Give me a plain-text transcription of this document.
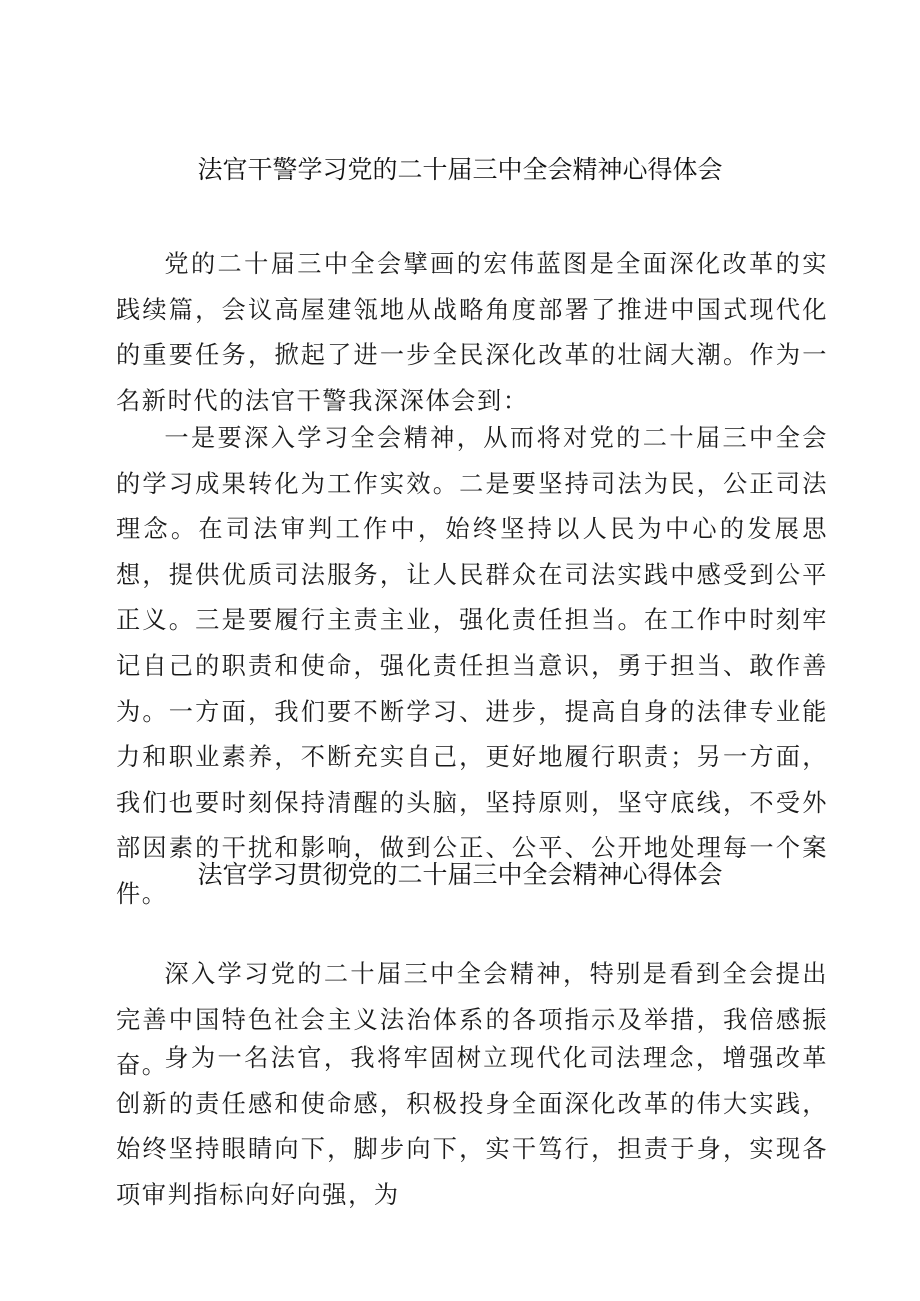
法官干警学习党的二十届三中全会精神心得体会

党的二十届三中全会擘画的宏伟蓝图是全面深化改革的实践续篇，会议高屋建瓴地从战略角度部署了推进中国式现代化的重要任务，掀起了进一步全民深化改革的壮阔大潮。作为一名新时代的法官干警我深深体会到：

一是要深入学习全会精神，从而将对党的二十届三中全会的学习成果转化为工作实效。二是要坚持司法为民，公正司法理念。在司法审判工作中，始终坚持以人民为中心的发展思想，提供优质司法服务，让人民群众在司法实践中感受到公平正义。三是要履行主责主业，强化责任担当。在工作中时刻牢记自己的职责和使命，强化责任担当意识，勇于担当、敢作善为。一方面，我们要不断学习、进步，提高自身的法律专业能力和职业素养，不断充实自己，更好地履行职责；另一方面，我们也要时刻保持清醒的头脑，坚持原则，坚守底线，不受外部因素的干扰和影响，做到公正、公平、公开地处理每一个案件。

法官学习贯彻党的二十届三中全会精神心得体会

深入学习党的二十届三中全会精神，特别是看到全会提出完善中国特色社会主义法治体系的各项指示及举措，我倍感振奋。

身为一名法官，我将牢固树立现代化司法理念，增强改革创新的责任感和使命感，积极投身全面深化改革的伟大实践，始终坚持眼睛向下，脚步向下，实干笃行，担责于身，实现各项审判指标向好向强，为
